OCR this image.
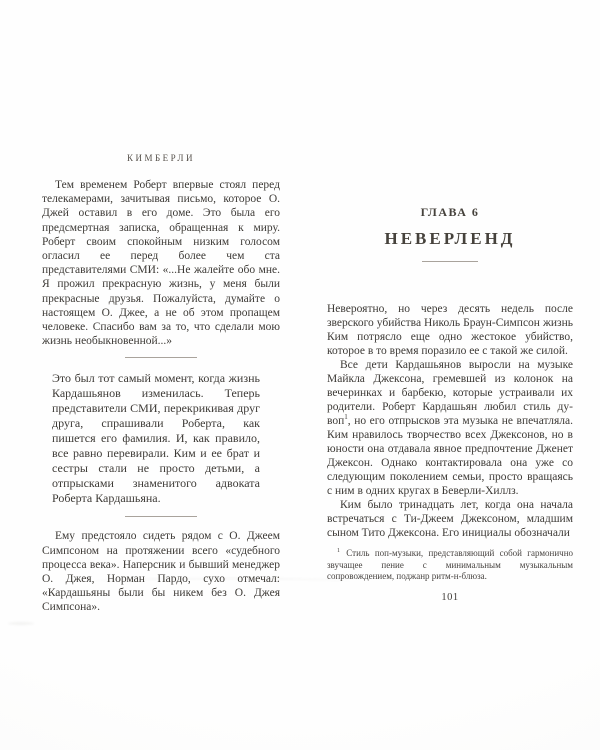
КИМБЕРЛИ

Тем временем Роберт впервые стоял перед телекамерами, зачитывая письмо, которое О. Джей оставил в его доме. Это была его предсмертная записка, обращенная к миру. Роберт своим спокойным низким голосом огласил ее перед более чем ста представителями СМИ: «...Не жалейте обо мне. Я прожил прекрасную жизнь, у меня были прекрасные друзья. Пожалуйста, думайте о настоящем О. Джее, а не об этом пропащем человеке. Спасибо вам за то, что сделали мою жизнь необыкновенной...»

Это был тот самый момент, когда жизнь Кардашьянов изменилась. Теперь представители СМИ, перекрикивая друг друга, спрашивали Роберта, как пишется его фамилия. И, как правило, все равно перевирали. Ким и ее брат и сестры стали не просто детьми, а отпрысками знаменитого адвоката Роберта Кардашьяна.

Ему предстояло сидеть рядом с О. Джеем Симпсоном на протяжении всего «судебного процесса века». Наперсник и бывший менеджер О. Джея, Норман Пардо, сухо отмечал: «Кардашьяны были бы никем без О. Джея Симпсона».

ГЛАВА 6

НЕВЕРЛЕНД

Невероятно, но через десять недель после зверского убийства Николь Браун-Симпсон жизнь Ким потрясло еще одно жестокое убийство, которое в то время поразило ее с такой же силой.

Все дети Кардашьянов выросли на музыке Майкла Джексона, гремевшей из колонок на вечеринках и барбекю, которые устраивали их родители. Роберт Кардашьян любил стиль ду-воп$^1$, но его отпрысков эта музыка не впечатляла. Ким нравилось творчество всех Джексонов, но в юности она отдавала явное предпочтение Дженет Джексон. Однако контактировала она уже со следующим поколением семьи, просто вращаясь с ним в одних кругах в Беверли-Хиллз.

Ким было тринадцать лет, когда она начала встречаться с Ти-Джеем Джексоном, младшим сыном Тито Джексона. Его инициалы обозначали

$^1$ Стиль поп-музыки, представляющий собой гармонично звучащее пение с минимальным музыкальным сопровождением, поджанр ритм-н-блюза.

101
